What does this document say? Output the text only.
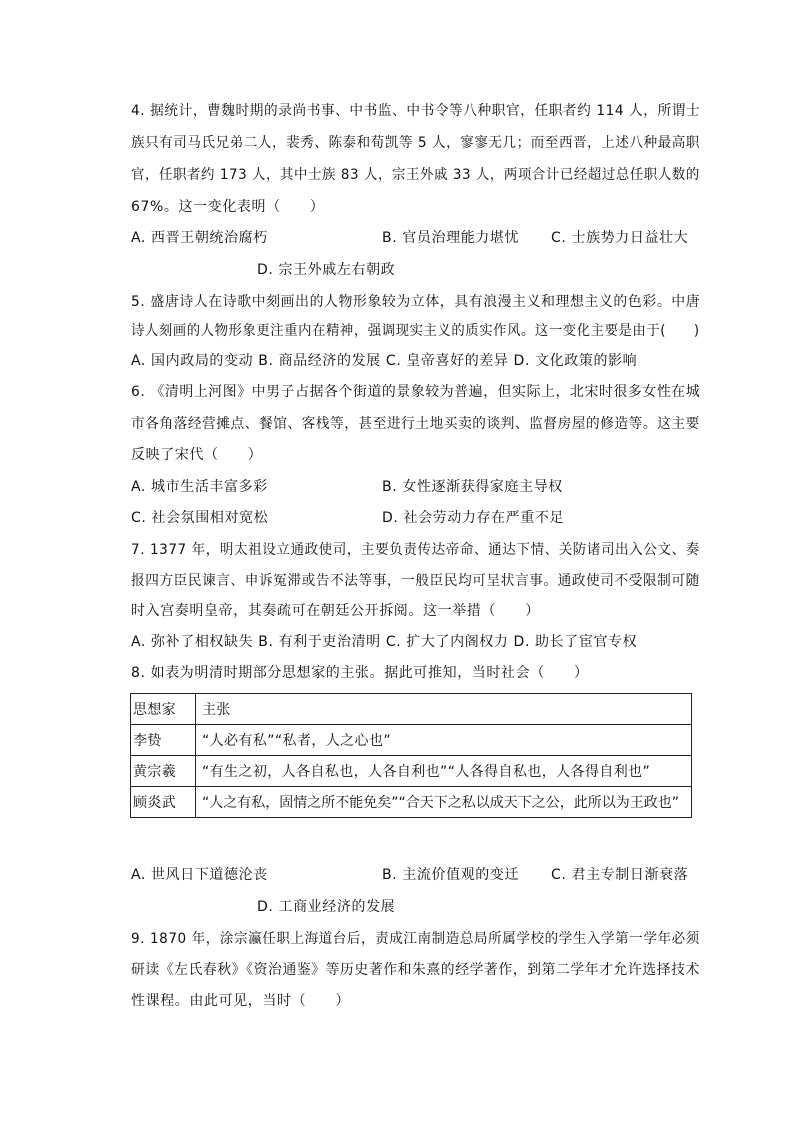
4. 据统计，曹魏时期的录尚书事、中书监、中书令等八种职官，任职者约 114 人，所谓士
族只有司马氏兄弟二人，裴秀、陈泰和荀凯等 5 人，寥寥无几；而至西晋，上述八种最高职
官，任职者约 173 人，其中士族 83 人，宗王外戚 33 人，两项合计已经超过总任职人数的
67%。这一变化表明（　　）
A. 西晋王朝统治腐朽	B. 官员治理能力堪忧 C. 士族势力日益壮大
D. 宗王外戚左右朝政
5. 盛唐诗人在诗歌中刻画出的人物形象较为立体，具有浪漫主义和理想主义的色彩。中唐
诗人刻画的人物形象更注重内在精神，强调现实主义的质实作风。这一变化主要是由于(　　)
A. 国内政局的变动 B. 商品经济的发展 C. 皇帝喜好的差异 D. 文化政策的影响
6. 《清明上河图》中男子占据各个街道的景象较为普遍，但实际上，北宋时很多女性在城
市各角落经营摊点、餐馆、客栈等，甚至进行土地买卖的谈判、监督房屋的修造等。这主要
反映了宋代（　　）
A. 城市生活丰富多彩	B. 女性逐渐获得家庭主导权
C. 社会氛围相对宽松	D. 社会劳动力存在严重不足
7. 1377 年，明太祖设立通政使司，主要负责传达帝命、通达下情、关防诸司出入公文、奏
报四方臣民谏言、申诉冤滞或告不法等事，一般臣民均可呈状言事。通政使司不受限制可随
时入宫奏明皇帝，其奏疏可在朝廷公开拆阅。这一举措（　　）
A. 弥补了相权缺失 B. 有利于吏治清明 C. 扩大了内阁权力 D. 助长了宦官专权
8. 如表为明清时期部分思想家的主张。据此可推知，当时社会（　　）
思想家	主张
李贽	“人必有私”“私者，人之心也”
黄宗羲	“有生之初，人各自私也，人各自利也”“人各得自私也，人各得自利也”
顾炎武	“人之有私，固情之所不能免矣”“合天下之私以成天下之公，此所以为王政也”
A. 世风日下道德沦丧	B. 主流价值观的变迁 C. 君主专制日渐衰落
D. 工商业经济的发展
9. 1870 年，涂宗瀛任职上海道台后，责成江南制造总局所属学校的学生入学第一学年必须
研读《左氏春秋》《资治通鉴》等历史著作和朱熹的经学著作，到第二学年才允许选择技术
性课程。由此可见，当时（　　）
